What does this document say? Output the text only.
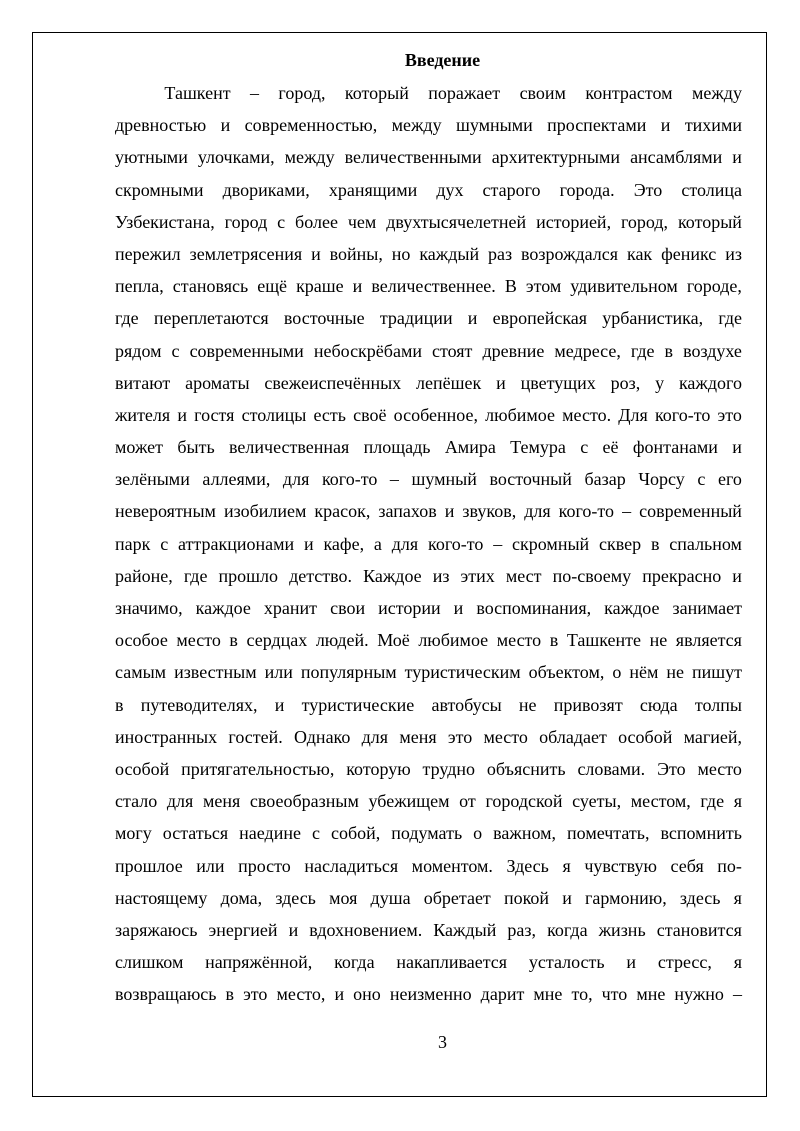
Введение
Ташкент – город, который поражает своим контрастом между
древностью и современностью, между шумными проспектами и тихими
уютными улочками, между величественными архитектурными ансамблями и
скромными двориками, хранящими дух старого города. Это столица
Узбекистана, город с более чем двухтысячелетней историей, город, который
пережил землетрясения и войны, но каждый раз возрождался как феникс из
пепла, становясь ещё краше и величественнее. В этом удивительном городе,
где переплетаются восточные традиции и европейская урбанистика, где
рядом с современными небоскрёбами стоят древние медресе, где в воздухе
витают ароматы свежеиспечённых лепёшек и цветущих роз, у каждого
жителя и гостя столицы есть своё особенное, любимое место. Для кого-то это
может быть величественная площадь Амира Темура с её фонтанами и
зелёными аллеями, для кого-то – шумный восточный базар Чорсу с его
невероятным изобилием красок, запахов и звуков, для кого-то – современный
парк с аттракционами и кафе, а для кого-то – скромный сквер в спальном
районе, где прошло детство. Каждое из этих мест по-своему прекрасно и
значимо, каждое хранит свои истории и воспоминания, каждое занимает
особое место в сердцах людей. Моё любимое место в Ташкенте не является
самым известным или популярным туристическим объектом, о нём не пишут
в путеводителях, и туристические автобусы не привозят сюда толпы
иностранных гостей. Однако для меня это место обладает особой магией,
особой притягательностью, которую трудно объяснить словами. Это место
стало для меня своеобразным убежищем от городской суеты, местом, где я
могу остаться наедине с собой, подумать о важном, помечтать, вспомнить
прошлое или просто насладиться моментом. Здесь я чувствую себя по-
настоящему дома, здесь моя душа обретает покой и гармонию, здесь я
заряжаюсь энергией и вдохновением. Каждый раз, когда жизнь становится
слишком напряжённой, когда накапливается усталость и стресс, я
возвращаюсь в это место, и оно неизменно дарит мне то, что мне нужно –
3
